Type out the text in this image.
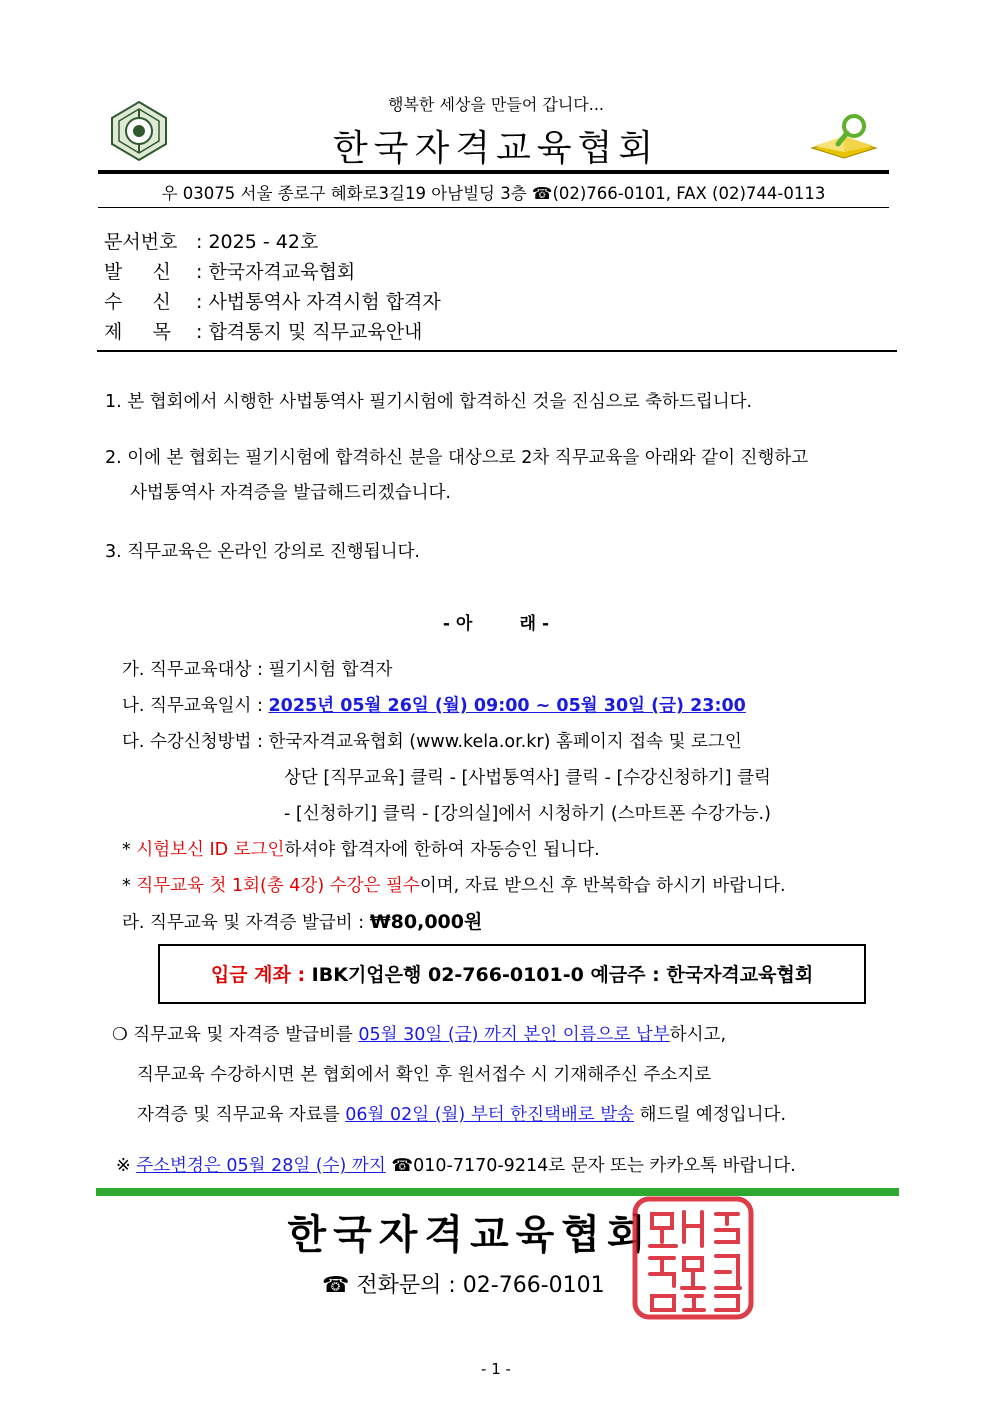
행복한 세상을 만들어 갑니다...
한국자격교육협회
우 03075 서울 종로구 혜화로3길19 아남빌딩 3층 ☎(02)766-0101, FAX (02)744-0113
문서번호 : 2025 - 42호
발     신 : 한국자격교육협회
수     신 : 사법통역사 자격시험 합격자
제     목 : 합격통지 및 직무교육안내
1. 본 협회에서 시행한 사법통역사 필기시험에 합격하신 것을 진심으로 축하드립니다.
2. 이에 본 협회는 필기시험에 합격하신 분을 대상으로 2차 직무교육을 아래와 같이 진행하고
사법통역사 자격증을 발급해드리겠습니다.
3. 직무교육은 온라인 강의로 진행됩니다.
- 아        래 -
가. 직무교육대상 : 필기시험 합격자
나. 직무교육일시 : 2025년 05월 26일 (월) 09:00 ~ 05월 30일 (금) 23:00
다. 수강신청방법 : 한국자격교육협회 (www.kela.or.kr) 홈페이지 접속 및 로그인
상단 [직무교육] 클릭 - [사법통역사] 클릭 - [수강신청하기] 클릭
- [신청하기] 클릭 - [강의실]에서 시청하기 (스마트폰 수강가능.)
* 시험보신 ID 로그인하셔야 합격자에 한하여 자동승인 됩니다.
* 직무교육 첫 1회(총 4강) 수강은 필수이며, 자료 받으신 후 반복학습 하시기 바랍니다.
라. 직무교육 및 자격증 발급비 : ₩80,000원
입금 계좌 : IBK기업은행 02-766-0101-0 예금주 : 한국자격교육협회
❍ 직무교육 및 자격증 발급비를 05월 30일 (금) 까지 본인 이름으로 납부하시고,
직무교육 수강하시면 본 협회에서 확인 후 원서접수 시 기재해주신 주소지로
자격증 및 직무교육 자료를 06월 02일 (월) 부터 한진택배로 발송 해드릴 예정입니다.
※ 주소변경은 05월 28일 (수) 까지 ☎010-7170-9214로 문자 또는 카카오톡 바랍니다.
한국자격교육협회
☎ 전화문의 : 02-766-0101
- 1 -
